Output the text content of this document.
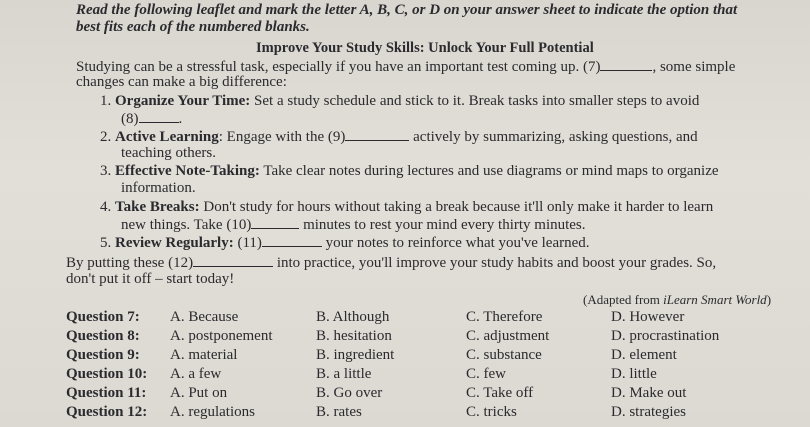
Read the following leaflet and mark the letter A, B, C, or D on your answer sheet to indicate the option that
best fits each of the numbered blanks.
Improve Your Study Skills: Unlock Your Full Potential
Studying can be a stressful task, especially if you have an important test coming up. (7)	, some simple
changes can make a big difference:
1. Organize Your Time: Set a study schedule and stick to it. Break tasks into smaller steps to avoid
(8)	.
2. Active Learning: Engage with the (9)	actively by summarizing, asking questions, and
teaching others.
3. Effective Note-Taking: Take clear notes during lectures and use diagrams or mind maps to organize
information.
4. Take Breaks: Don't study for hours without taking a break because it'll only make it harder to learn
new things. Take (10)	minutes to rest your mind every thirty minutes.
5. Review Regularly: (11)	your notes to reinforce what you've learned.
By putting these (12)	into practice, you'll improve your study habits and boost your grades. So,
don't put it off – start today!
(Adapted from iLearn Smart World)
Question 7: A. Because	B. Although	C. Therefore	D. However
Question 8: A. postponement	B. hesitation	C. adjustment	D. procrastination
Question 9: A. material	B. ingredient	C. substance	D. element
Question 10: A. a few	B. a little	C. few	D. little
Question 11: A. Put on	B. Go over	C. Take off	D. Make out
Question 12: A. regulations	B. rates	C. tricks	D. strategies
